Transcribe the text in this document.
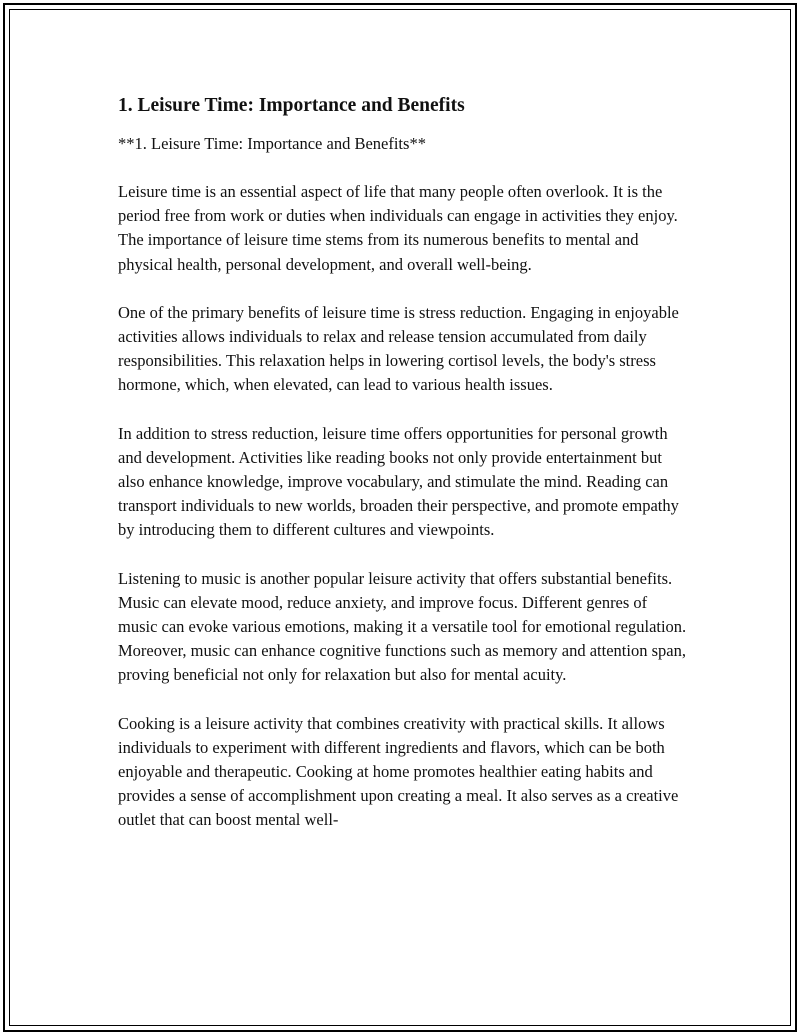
1. Leisure Time: Importance and Benefits

**1. Leisure Time: Importance and Benefits**

Leisure time is an essential aspect of life that many people often overlook. It is the period free from work or duties when individuals can engage in activities they enjoy. The importance of leisure time stems from its numerous benefits to mental and physical health, personal development, and overall well-being.

One of the primary benefits of leisure time is stress reduction. Engaging in enjoyable activities allows individuals to relax and release tension accumulated from daily responsibilities. This relaxation helps in lowering cortisol levels, the body's stress hormone, which, when elevated, can lead to various health issues.

In addition to stress reduction, leisure time offers opportunities for personal growth and development. Activities like reading books not only provide entertainment but also enhance knowledge, improve vocabulary, and stimulate the mind. Reading can transport individuals to new worlds, broaden their perspective, and promote empathy by introducing them to different cultures and viewpoints.

Listening to music is another popular leisure activity that offers substantial benefits. Music can elevate mood, reduce anxiety, and improve focus. Different genres of music can evoke various emotions, making it a versatile tool for emotional regulation. Moreover, music can enhance cognitive functions such as memory and attention span, proving beneficial not only for relaxation but also for mental acuity.

Cooking is a leisure activity that combines creativity with practical skills. It allows individuals to experiment with different ingredients and flavors, which can be both enjoyable and therapeutic. Cooking at home promotes healthier eating habits and provides a sense of accomplishment upon creating a meal. It also serves as a creative outlet that can boost mental well-
